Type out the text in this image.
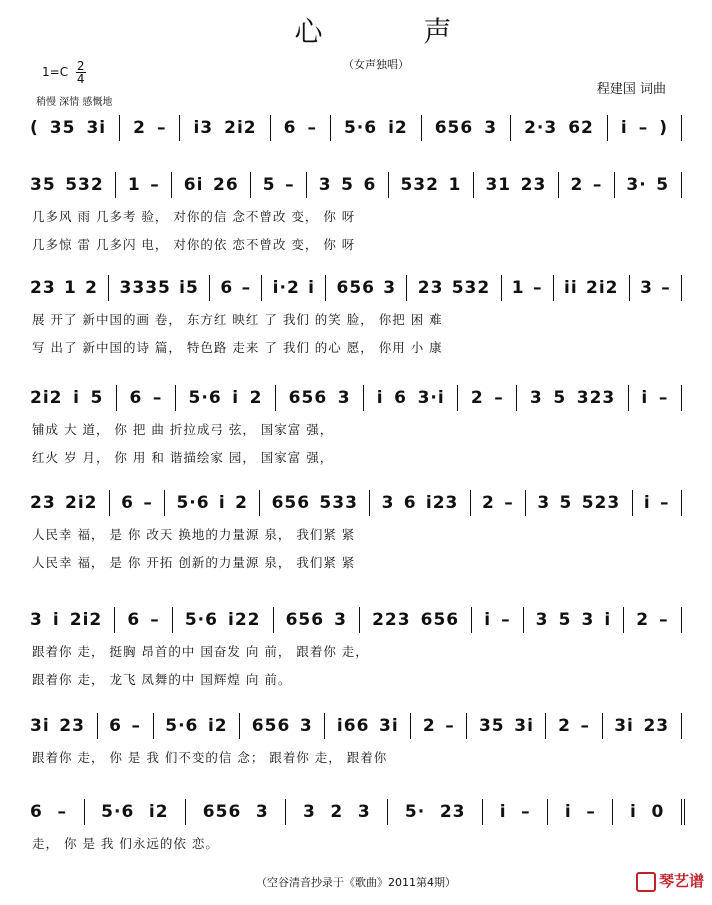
心 声
（女声独唱）
程建国 词曲
$1=C \frac{2}{4}$
稍慢 深情 感慨地
( 35 3i 2 – i3 2i2 6 – 5·6 i2 656 3 2·3 62 i – )
35 532 1 – 6i 26 5 – 3 5 6 532 1 31 23 2 – 3· 5
几多风 雨 几多考 验， 对你的信 念不曾改 变， 你 呀
几多惊 雷 几多闪 电， 对你的依 恋不曾改 变， 你 呀
23 1 2 3335 i5 6 – i·2 i 656 3 23 532 1 – ii 2i2 3 –
展 开了 新中国的画 卷， 东方红 映红 了 我们 的笑 脸， 你把 困 难
写 出了 新中国的诗 篇， 特色路 走来 了 我们 的心 愿， 你用 小 康
2i2 i 5 6 – 5·6 i 2 656 3 i 6 3·i 2 – 3 5 323 i –
铺成 大 道， 你 把 曲 折拉成弓 弦， 国家富 强，
红火 岁 月， 你 用 和 谐描绘家 园， 国家富 强，
23 2i2 6 – 5·6 i 2 656 533 3 6 i23 2 – 3 5 523 i –
人民幸 福， 是 你 改天 换地的力量源 泉， 我们紧 紧
人民幸 福， 是 你 开拓 创新的力量源 泉， 我们紧 紧
3 i 2i2 6 – 5·6 i22 656 3 223 656 i – 3 5 3 i 2 –
跟着你 走， 挺胸 昂首的中 国奋发 向 前， 跟着你 走，
跟着你 走， 龙飞 凤舞的中 国辉煌 向 前。
3i 23 6 – 5·6 i2 656 3 i66 3i 2 – 35 3i 2 – 3i 23
跟着你 走， 你 是 我 们不变的信 念； 跟着你 走， 跟着你
6 – 5·6 i2 656 3 3 2 3 5· 23 i – i – i 0
走， 你 是 我 们永远的依 恋。
（空谷清音抄录于《歌曲》2011第4期）	琴艺谱
